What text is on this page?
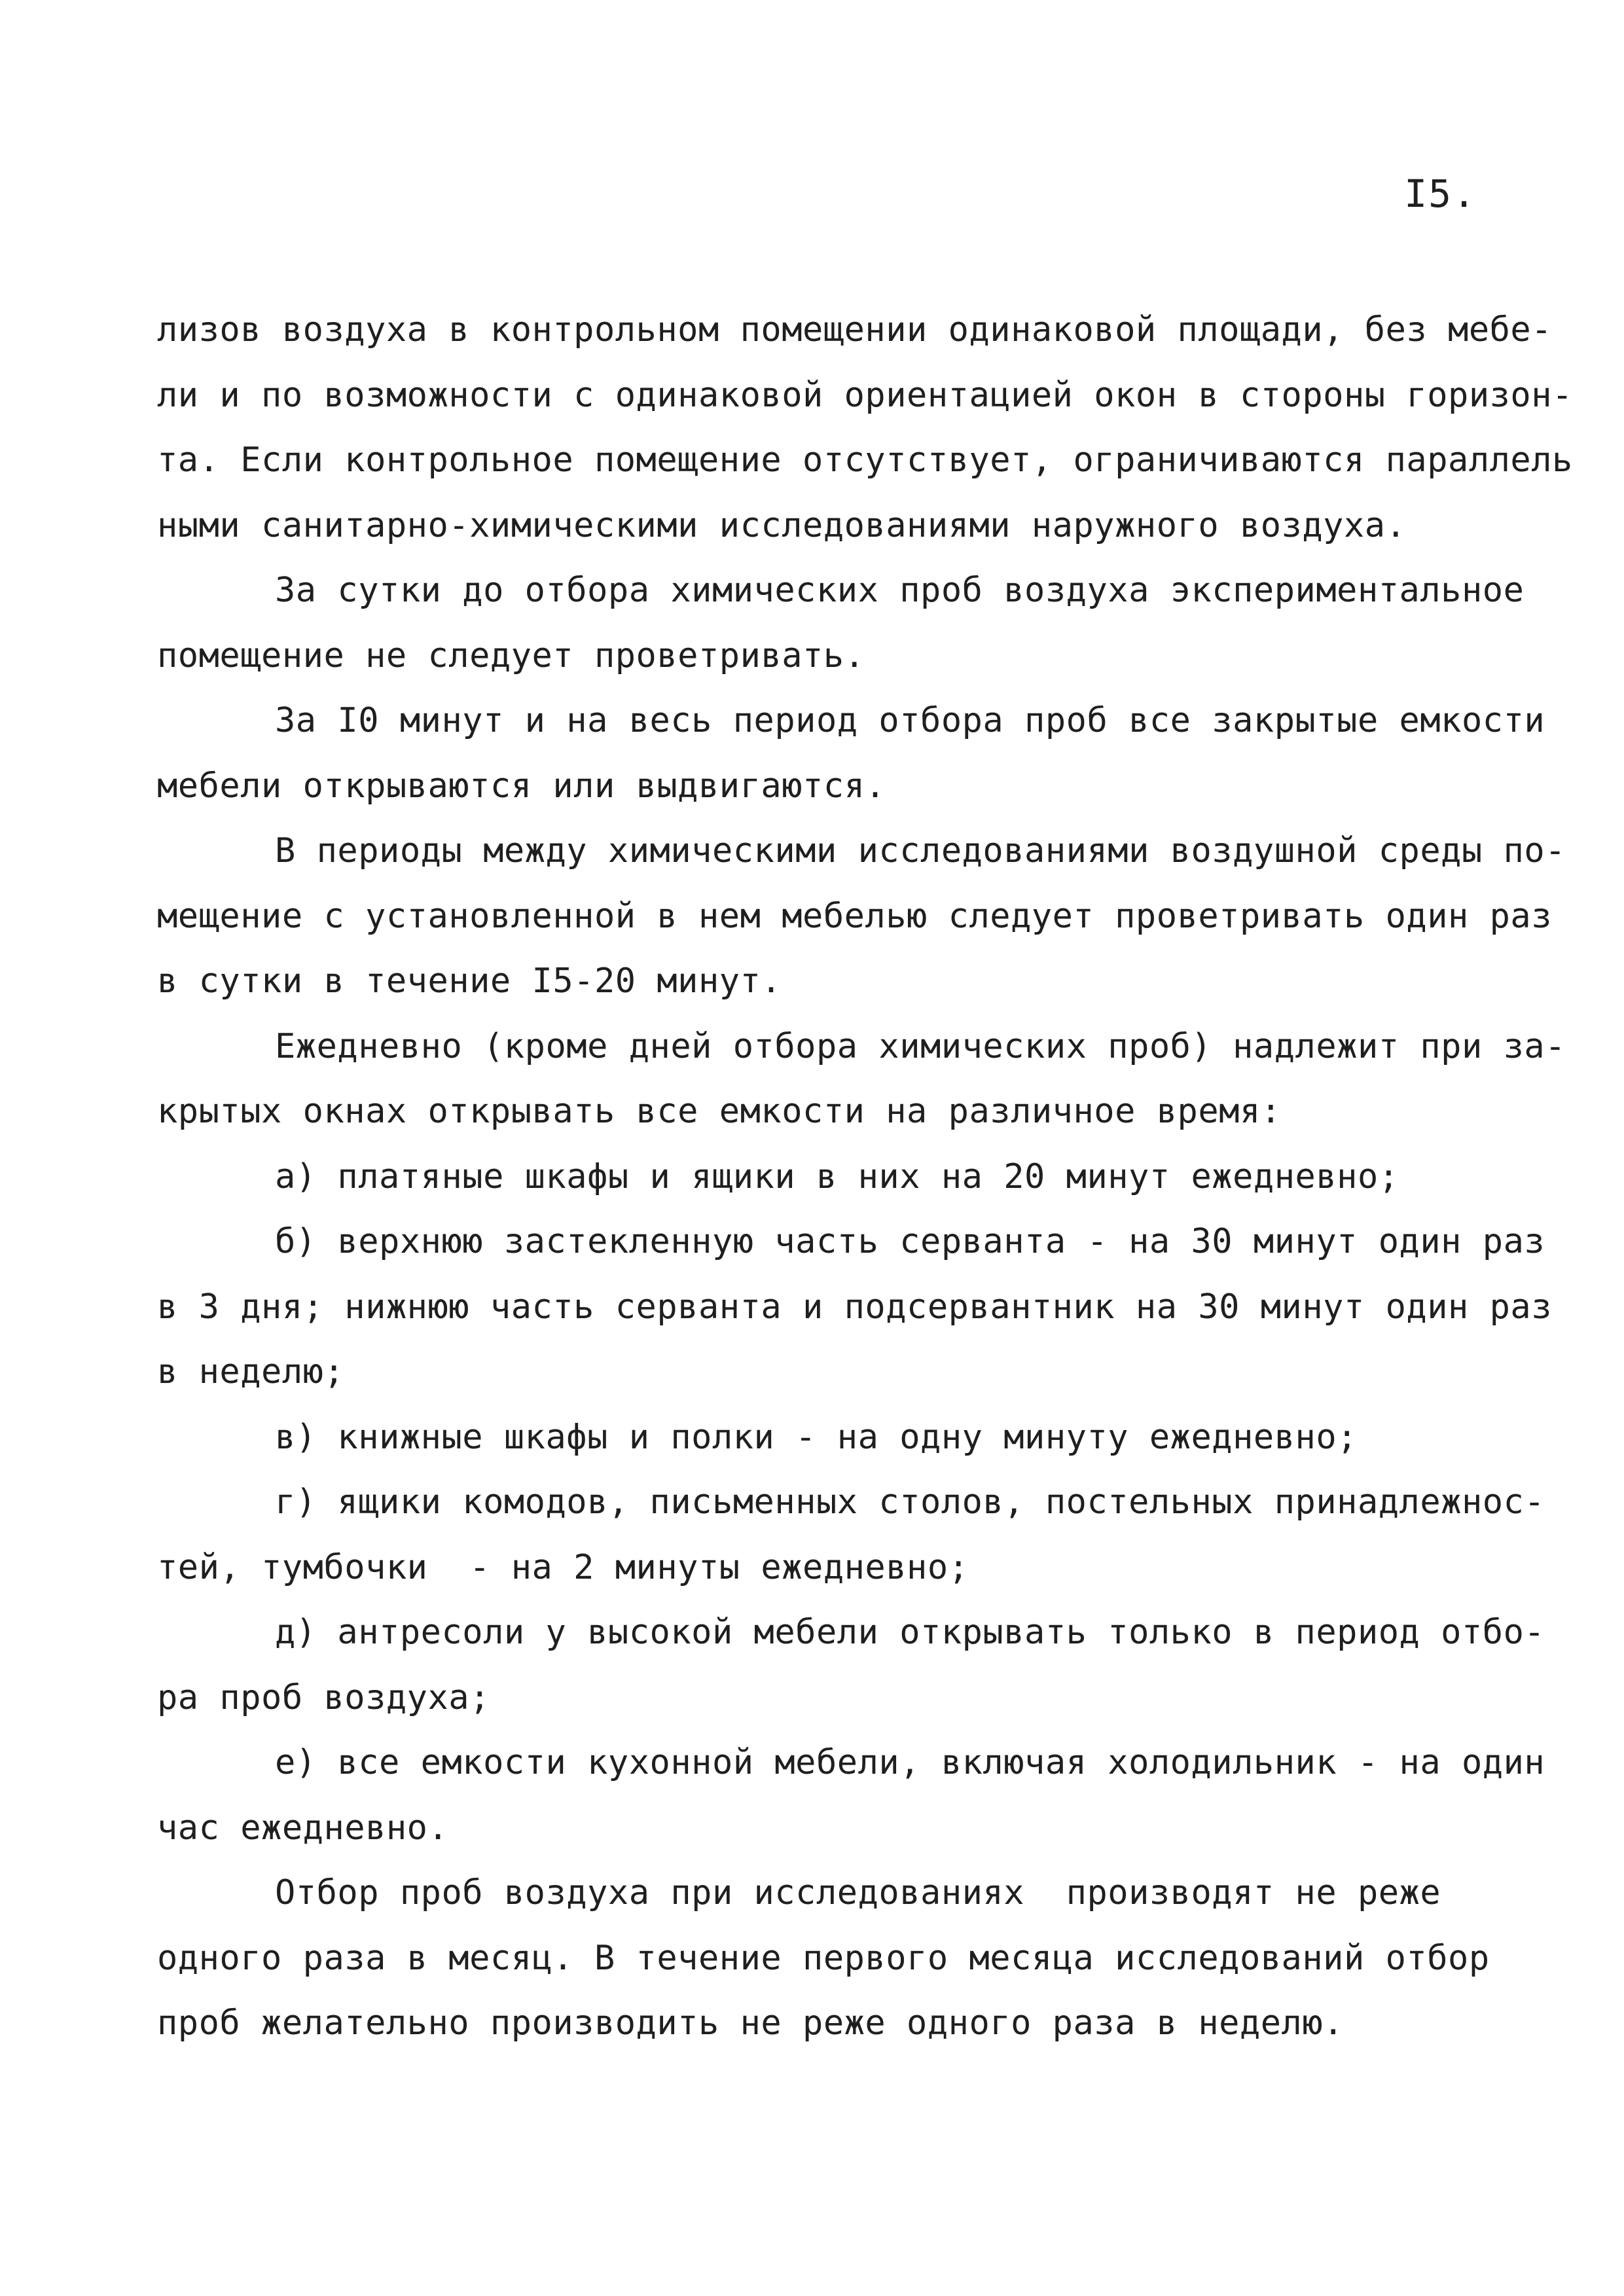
I5.
лизов воздуха в контрольном помещении одинаковой площади, без мебе-
ли и по возможности с одинаковой ориентацией окон в стороны горизон-
та. Если контрольное помещение отсутствует, ограничиваются параллель
ными санитарно-химическими исследованиями наружного воздуха.
За сутки до отбора химических проб воздуха экспериментальное
помещение не следует проветривать.
За I0 минут и на весь период отбора проб все закрытые емкости
мебели открываются или выдвигаются.
В периоды между химическими исследованиями воздушной среды по-
мещение с установленной в нем мебелью следует проветривать один раз
в сутки в течение I5-20 минут.
Ежедневно (кроме дней отбора химических проб) надлежит при за-
крытых окнах открывать все емкости на различное время:
а) платяные шкафы и ящики в них на 20 минут ежедневно;
б) верхнюю застекленную часть серванта - на 30 минут один раз
в 3 дня; нижнюю часть серванта и подсервантник на 30 минут один раз
в неделю;
в) книжные шкафы и полки - на одну минуту ежедневно;
г) ящики комодов, письменных столов, постельных принадлежнос-
тей, тумбочки  - на 2 минуты ежедневно;
д) антресоли у высокой мебели открывать только в период отбо-
ра проб воздуха;
е) все емкости кухонной мебели, включая холодильник - на один
час ежедневно.
Отбор проб воздуха при исследованиях  производят не реже
одного раза в месяц. В течение первого месяца исследований отбор
проб желательно производить не реже одного раза в неделю.
